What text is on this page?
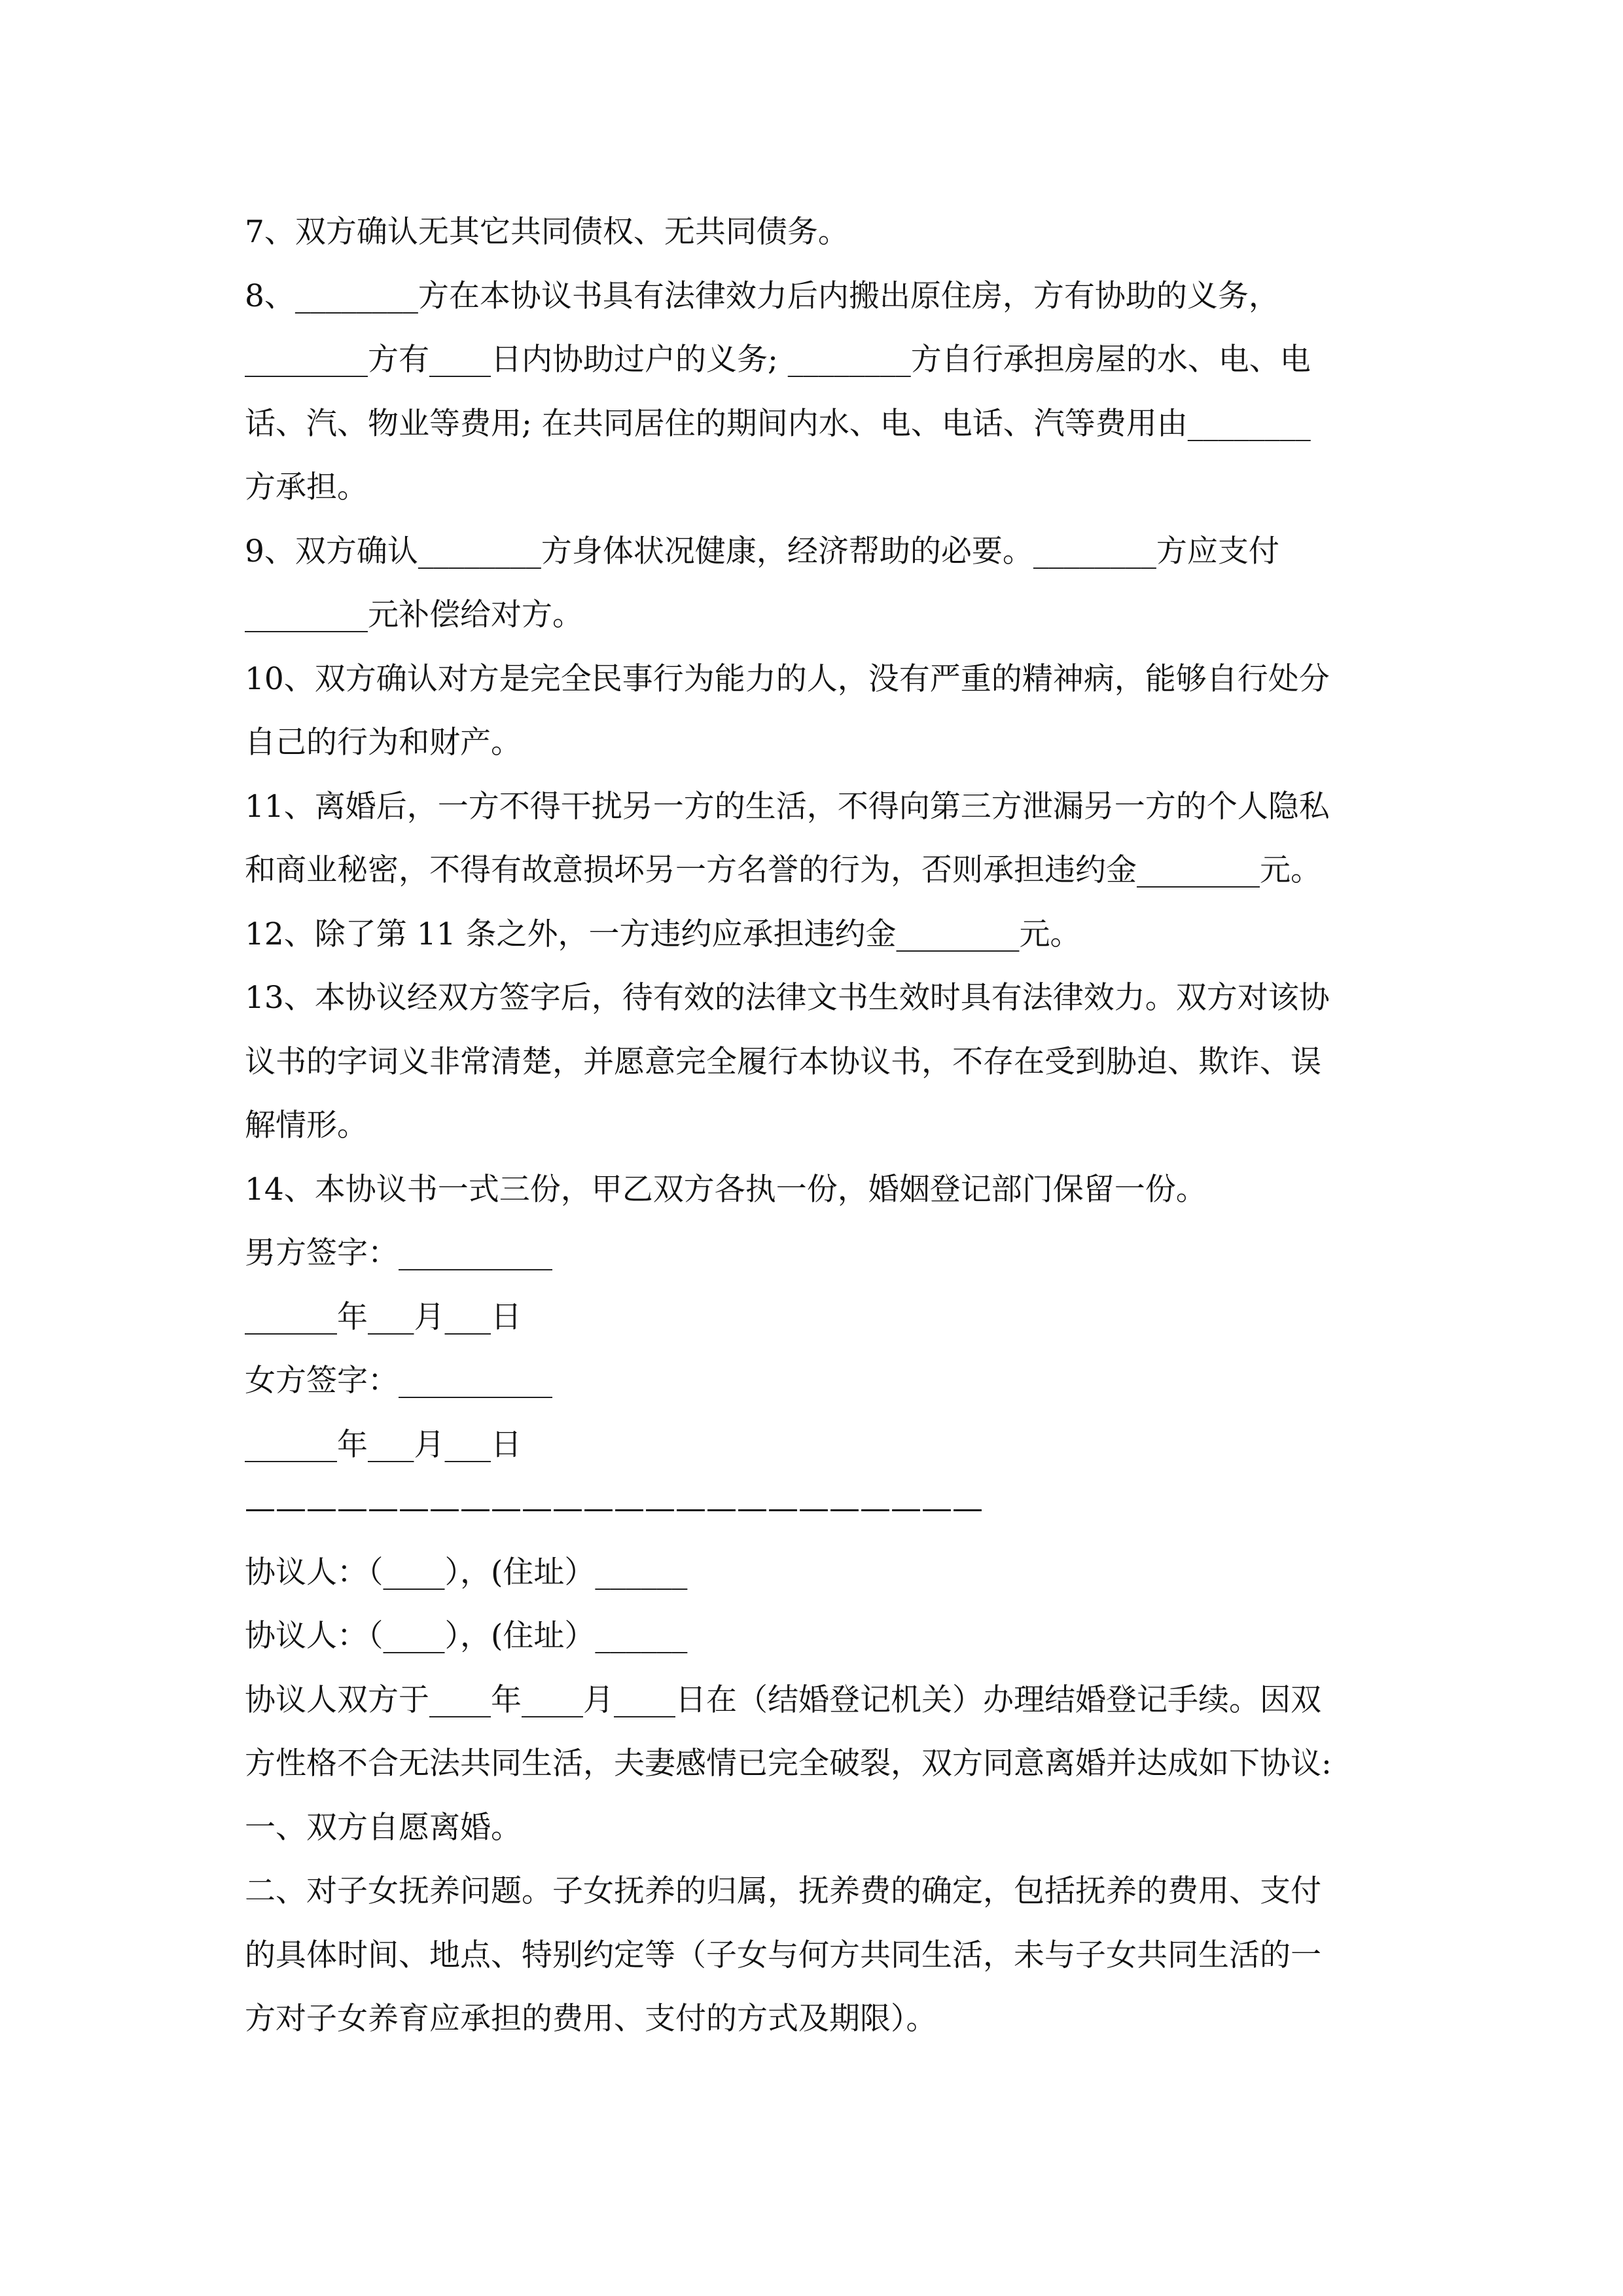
7、双方确认无其它共同债权、无共同债务。
8、________方在本协议书具有法律效力后内搬出原住房，方有协助的义务，
________方有____日内协助过户的义务; ________方自行承担房屋的水、电、电
话、汽、物业等费用; 在共同居住的期间内水、电、电话、汽等费用由________
方承担。
9、双方确认________方身体状况健康，经济帮助的必要。________方应支付
________元补偿给对方。
10、双方确认对方是完全民事行为能力的人，没有严重的精神病，能够自行处分
自己的行为和财产。
11、离婚后，一方不得干扰另一方的生活，不得向第三方泄漏另一方的个人隐私
和商业秘密，不得有故意损坏另一方名誉的行为，否则承担违约金________元。
12、除了第 11 条之外，一方违约应承担违约金________元。
13、本协议经双方签字后，待有效的法律文书生效时具有法律效力。双方对该协
议书的字词义非常清楚，并愿意完全履行本协议书，不存在受到胁迫、欺诈、误
解情形。
14、本协议书一式三份，甲乙双方各执一份，婚姻登记部门保留一份。
男方签字：__________
______年___月___日
女方签字：__________
______年___月___日
————————————————————————
协议人：（____），(住址）______
协议人：（____），(住址）______
协议人双方于____年____月____日在（结婚登记机关）办理结婚登记手续。因双
方性格不合无法共同生活，夫妻感情已完全破裂，双方同意离婚并达成如下协议:
一、双方自愿离婚。
二、对子女抚养问题。子女抚养的归属，抚养费的确定，包括抚养的费用、支付
的具体时间、地点、特别约定等（子女与何方共同生活，未与子女共同生活的一
方对子女养育应承担的费用、支付的方式及期限）。
